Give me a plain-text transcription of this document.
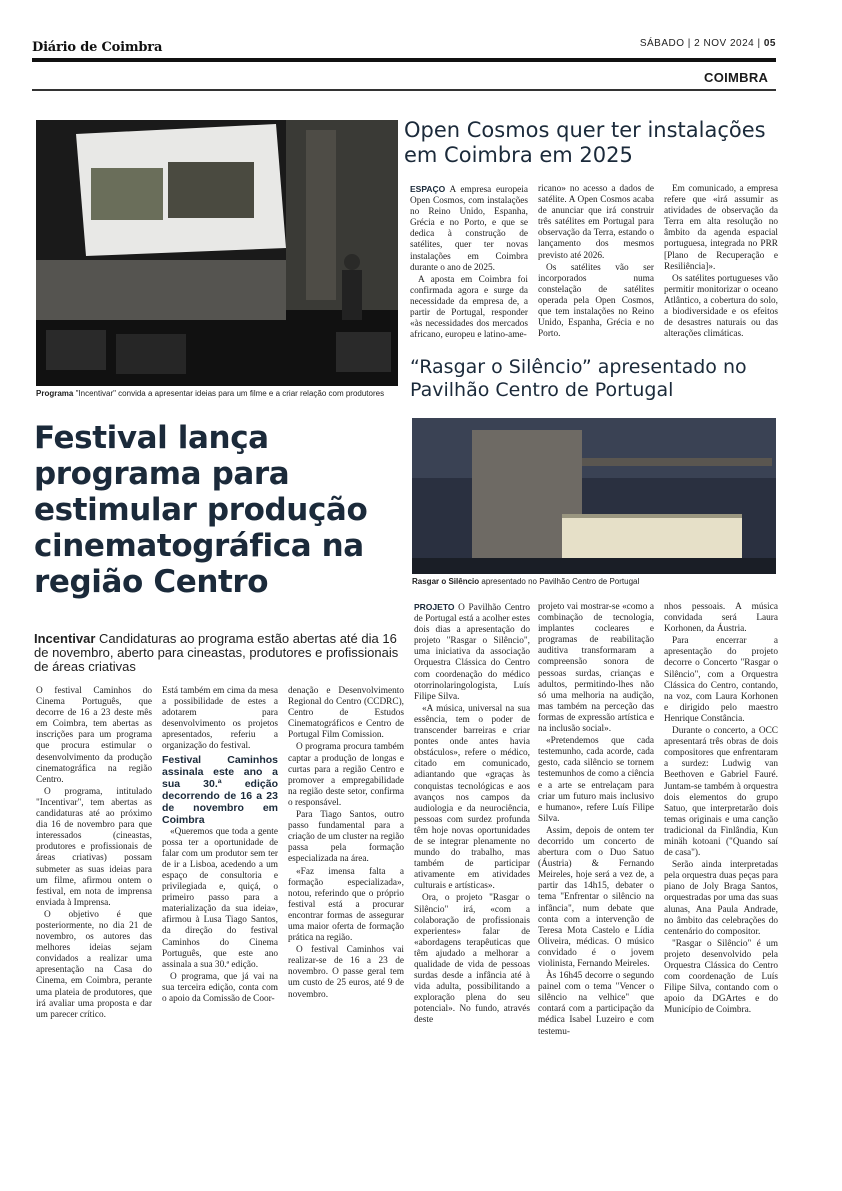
Diário de Coimbra	SÁBADO | 2 NOV 2024 | 05
COIMBRA
Programa "Incentivar" convida a apresentar ideias para um filme e a criar relação com produtores
Open Cosmos quer ter instalações em Coimbra em 2025

ESPAÇO A empresa europeia Open Cosmos, com instalações no Reino Unido, Espanha, Grécia e no Porto, e que se dedica à construção de satélites, quer ter novas instalações em Coimbra durante o ano de 2025.

A aposta em Coimbra foi confirmada agora e surge da necessidade da empresa de, a partir de Portugal, responder «às necessidades dos mercados africano, europeu e latino-ame-

ricano» no acesso a dados de satélite. A Open Cosmos acaba de anunciar que irá construir três satélites em Portugal para observação da Terra, estando o lançamento dos mesmos previsto até 2026.

Os satélites vão ser incorporados numa constelação de satélites operada pela Open Cosmos, que tem instalações no Reino Unido, Espanha, Grécia e no Porto.

Em comunicado, a empresa refere que «irá assumir as atividades de observação da Terra em alta resolução no âmbito da agenda espacial portuguesa, integrada no PRR [Plano de Recuperação e Resiliência]».

Os satélites portugueses vão permitir monitorizar o oceano Atlântico, a cobertura do solo, a biodiversidade e os efeitos de desastres naturais ou das alterações climáticas.

“Rasgar o Silêncio” apresentado no Pavilhão Centro de Portugal
Rasgar o Silêncio apresentado no Pavilhão Centro de Portugal

PROJETO O Pavilhão Centro de Portugal está a acolher estes dois dias a apresentação do projeto "Rasgar o Silêncio", uma iniciativa da associação Orquestra Clássica do Centro com coordenação do médico otorrinolaringologista, Luís Filipe Silva.

«A música, universal na sua essência, tem o poder de transcender barreiras e criar pontes onde antes havia obstáculos», refere o médico, citado em comunicado, adiantando que «graças às conquistas tecnológicas e aos avanços nos campos da audiologia e da neurociência, pessoas com surdez profunda têm hoje novas oportunidades de se integrar plenamente no mundo do trabalho, mas também de participar ativamente em atividades culturais e artísticas».

Ora, o projeto "Rasgar o Silêncio" irá, «com a colaboração de profissionais experientes» falar de «abordagens terapêuticas que têm ajudado a melhorar a qualidade de vida de pessoas surdas desde a infância até à vida adulta, possibilitando a exploração plena do seu potencial». No fundo, através deste

projeto vai mostrar-se «como a combinação de tecnologia, implantes cocleares e programas de reabilitação auditiva transformaram a compreensão sonora de pessoas surdas, crianças e adultos, permitindo-lhes não só uma melhoria na audição, mas também na perceção das formas de expressão artística e na inclusão social».

«Pretendemos que cada testemunho, cada acorde, cada gesto, cada silêncio se tornem testemunhos de como a ciência e a arte se entrelaçam para criar um futuro mais inclusivo e humano», refere Luís Filipe Silva.

Assim, depois de ontem ter decorrido um concerto de abertura com o Duo Satuo (Áustria) & Fernando Meireles, hoje será a vez de, a partir das 14h15, debater o tema "Enfrentar o silêncio na infância", num debate que conta com a intervenção de Teresa Mota Castelo e Lídia Oliveira, médicas. O músico convidado é o jovem violinista, Fernando Meireles.

Às 16h45 decorre o segundo painel com o tema "Vencer o silêncio na velhice" que contará com a participação da médica Isabel Luzeiro e com testemu-

nhos pessoais. A música convidada será Laura Korhonen, da Áustria.

Para encerrar a apresentação do projeto decorre o Concerto "Rasgar o Silêncio", com a Orquestra Clássica do Centro, contando, na voz, com Laura Korhonen e dirigido pelo maestro Henrique Constância.

Durante o concerto, a OCC apresentará três obras de dois compositores que enfrentaram a surdez: Ludwig van Beethoven e Gabriel Fauré. Juntam-se também à orquestra dois elementos do grupo Satuo, que interpretarão dois temas originais e uma canção tradicional da Finlândia, Kun minäh kotoani ("Quando saí de casa").

Serão ainda interpretadas pela orquestra duas peças para piano de Joly Braga Santos, orquestradas por uma das suas alunas, Ana Paula Andrade, no âmbito das celebrações do centenário do compositor.

"Rasgar o Silêncio" é um projeto desenvolvido pela Orquestra Clássica do Centro com coordenação de Luís Filipe Silva, contando com o apoio da DGArtes e do Município de Coimbra.

Festival lança programa para estimular produção cinematográfica na região Centro
Incentivar Candidaturas ao programa estão abertas até dia 16 de novembro, aberto para cineastas, produtores e profissionais de áreas criativas

O festival Caminhos do Cinema Português, que decorre de 16 a 23 deste mês em Coimbra, tem abertas as inscrições para um programa que procura estimular o desenvolvimento da produção cinematográfica na região Centro.

O programa, intitulado "Incentivar", tem abertas as candidaturas até ao próximo dia 16 de novembro para que interessados (cineastas, produtores e profissionais de áreas criativas) possam submeter as suas ideias para um filme, afirmou ontem o festival, em nota de imprensa enviada à Imprensa.

O objetivo é que posteriormente, no dia 21 de novembro, os autores das melhores ideias sejam convidados a realizar uma apresentação na Casa do Cinema, em Coimbra, perante uma plateia de produtores, que irá avaliar uma proposta e dar um parecer crítico.

Está também em cima da mesa a possibilidade de estes a adotarem para desenvolvimento os projetos apresentados, referiu a organização do festival.

Festival Caminhos assinala este ano a sua 30.ª edição decorrendo de 16 a 23 de novembro em Coimbra

«Queremos que toda a gente possa ter a oportunidade de falar com um produtor sem ter de ir a Lisboa, acedendo a um espaço de consultoria e privilegiada e, quiçá, o primeiro passo para a materialização da sua ideia», afirmou à Lusa Tiago Santos, da direção do festival Caminhos do Cinema Português, que este ano assinala a sua 30.ª edição.

O programa, que já vai na sua terceira edição, conta com o apoio da Comissão de Coor-

denação e Desenvolvimento Regional do Centro (CCDRC), Centro de Estudos Cinematográficos e Centro de Portugal Film Comission.

O programa procura também captar a produção de longas e curtas para a região Centro e promover a empregabilidade na região deste setor, confirma o responsável.

Para Tiago Santos, outro passo fundamental para a criação de um cluster na região passa pela formação especializada na área.

«Faz imensa falta a formação especializada», notou, referindo que o próprio festival está a procurar encontrar formas de assegurar uma maior oferta de formação prática na região.

O festival Caminhos vai realizar-se de 16 a 23 de novembro. O passe geral tem um custo de 25 euros, até 9 de novembro.
